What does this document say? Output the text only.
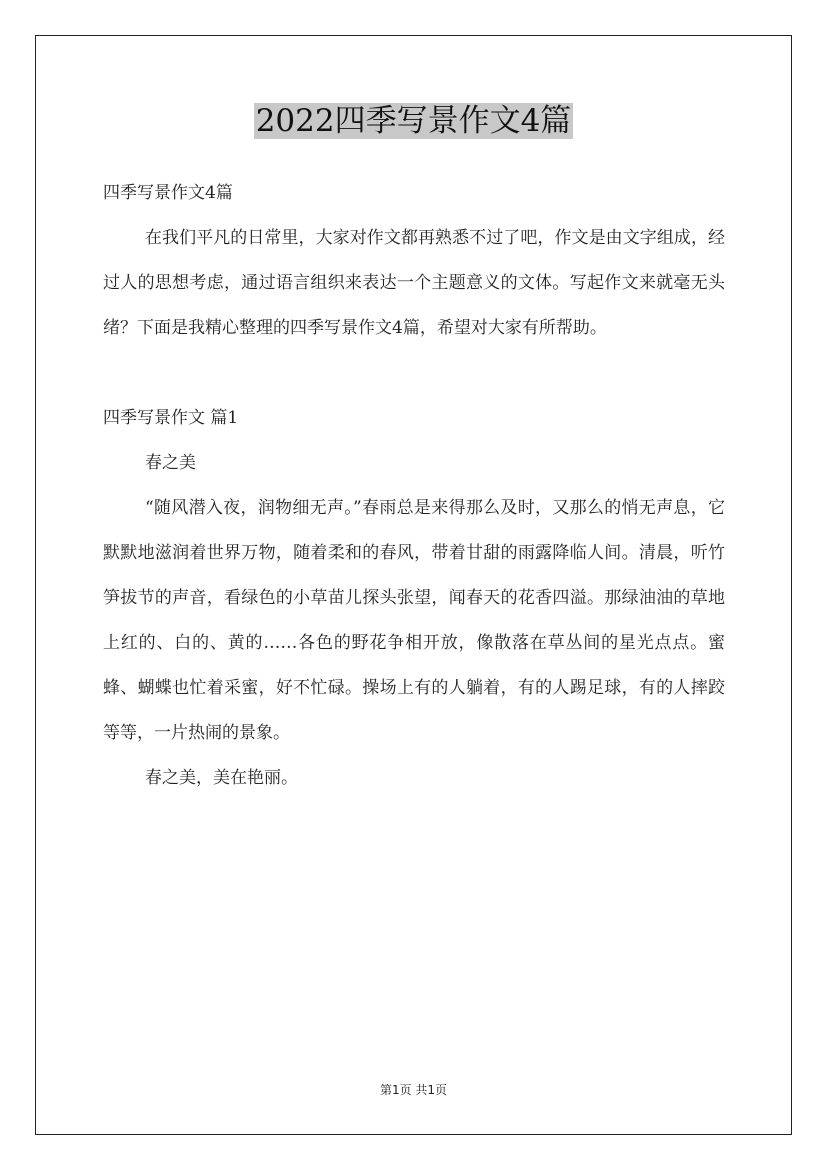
2022四季写景作文4篇

四季写景作文4篇

在我们平凡的日常里，大家对作文都再熟悉不过了吧，作文是由文字组成，经过人的思想考虑，通过语言组织来表达一个主题意义的文体。写起作文来就毫无头绪？下面是我精心整理的四季写景作文4篇，希望对大家有所帮助。

四季写景作文 篇1

春之美

“随风潜入夜，润物细无声。”春雨总是来得那么及时，又那么的悄无声息，它默默地滋润着世界万物，随着柔和的春风，带着甘甜的雨露降临人间。清晨，听竹笋拔节的声音，看绿色的小草苗儿探头张望，闻春天的花香四溢。那绿油油的草地上红的、白的、黄的……各色的野花争相开放，像散落在草丛间的星光点点。蜜蜂、蝴蝶也忙着采蜜，好不忙碌。操场上有的人躺着，有的人踢足球，有的人摔跤等等，一片热闹的景象。

春之美，美在艳丽。

第1页 共1页
